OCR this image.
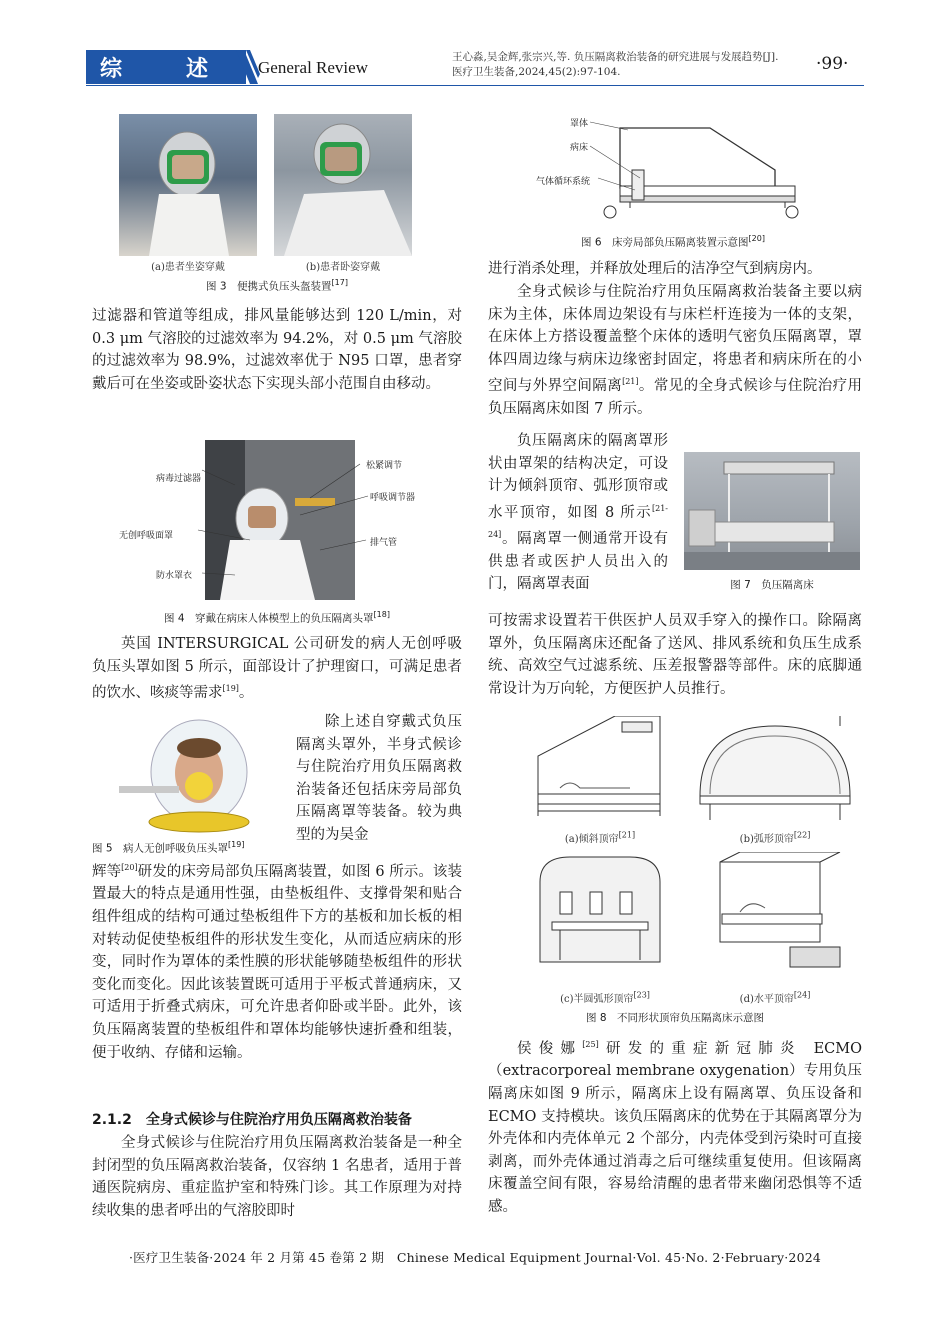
综	述	General Review
王心淼,吴金辉,张宗兴,等. 负压隔离救治装备的研究进展与发展趋势[J].
医疗卫生装备,2024,45(2):97-104.	·99·
(a)患者坐姿穿戴	(b)患者卧姿穿戴
图 3　便携式负压头盔装置[17]

过滤器和管道等组成，排风量能够达到 120 L/min，对 0.3 μm 气溶胶的过滤效率为 94.2%，对 0.5 μm 气溶胶的过滤效率为 98.9%，过滤效率优于 N95 口罩，患者穿戴后可在坐姿或卧姿状态下实现头部小范围自由移动。

病毒过滤器
松紧调节
呼吸调节器
无创呼吸面罩
排气管
防水罩衣
图 4　穿戴在病床人体模型上的负压隔离头罩[18]
英国 INTERSURGICAL 公司研发的病人无创呼吸负压头罩如图 5 所示，面部设计了护理窗口，可满足患者的饮水、咳痰等需求[19]。
图 5　病人无创呼吸负压头罩[19]

除上述自穿戴式负压隔离头罩外，半身式候诊与住院治疗用负压隔离救治装备还包括床旁局部负压隔离罩等装备。较为典型的为吴金

辉等[20]研发的床旁局部负压隔离装置，如图 6 所示。该装置最大的特点是通用性强，由垫板组件、支撑骨架和贴合组件组成的结构可通过垫板组件下方的基板和加长板的相对转动促使垫板组件的形状发生变化，从而适应病床的形变，同时作为罩体的柔性膜的形状能够随垫板组件的形状变化而变化。因此该装置既可适用于平板式普通病床，又可适用于折叠式病床，可允许患者仰卧或半卧。此外，该负压隔离装置的垫板组件和罩体均能够快速折叠和组装，便于收纳、存储和运输。
2.1.2　全身式候诊与住院治疗用负压隔离救治装备

全身式候诊与住院治疗用负压隔离救治装备是一种全封闭型的负压隔离救治装备，仅容纳 1 名患者，适用于普通医院病房、重症监护室和特殊门诊。其工作原理为对持续收集的患者呼出的气溶胶即时

罩体
病床
气体循环系统
图 6　床旁局部负压隔离装置示意图[20]

进行消杀处理，并释放处理后的洁净空气到病房内。

全身式候诊与住院治疗用负压隔离救治装备主要以病床为主体，床体周边架设有与床栏杆连接为一体的支架，在床体上方搭设覆盖整个床体的透明气密负压隔离罩，罩体四周边缘与病床边缘密封固定，将患者和病床所在的小空间与外界空间隔离[21]。常见的全身式候诊与住院治疗用负压隔离床如图 7 所示。
图 7　负压隔离床
负压隔离床的隔离罩形状由罩架的结构决定，可设计为倾斜顶帘、弧形顶帘或水平顶帘，如图 8 所示[21-24]。隔离罩一侧通常开设有供患者或医护人员出入的门，隔离罩表面

可按需求设置若干供医护人员双手穿入的操作口。除隔离罩外，负压隔离床还配备了送风、排风系统和负压生成系统、高效空气过滤系统、压差报警器等部件。床的底脚通常设计为万向轮，方便医护人员推行。

(a)倾斜顶帘[21]	(b)弧形顶帘[22]
(c)半圆弧形顶帘[23]	(d)水平顶帘[24]
图 8　不同形状顶帘负压隔离床示意图
侯俊娜[25]研发的重症新冠肺炎 ECMO（extracorporeal membrane oxygenation）专用负压隔离床如图 9 所示，隔离床上设有隔离罩、负压设备和 ECMO 支持模块。该负压隔离床的优势在于其隔离罩分为外壳体和内壳体单元 2 个部分，内壳体受到污染时可直接剥离，而外壳体通过消毒之后可继续重复使用。但该隔离床覆盖空间有限，容易给清醒的患者带来幽闭恐惧等不适感。
·医疗卫生装备·2024 年 2 月第 45 卷第 2 期　Chinese Medical Equipment Journal·Vol. 45·No. 2·February·2024
